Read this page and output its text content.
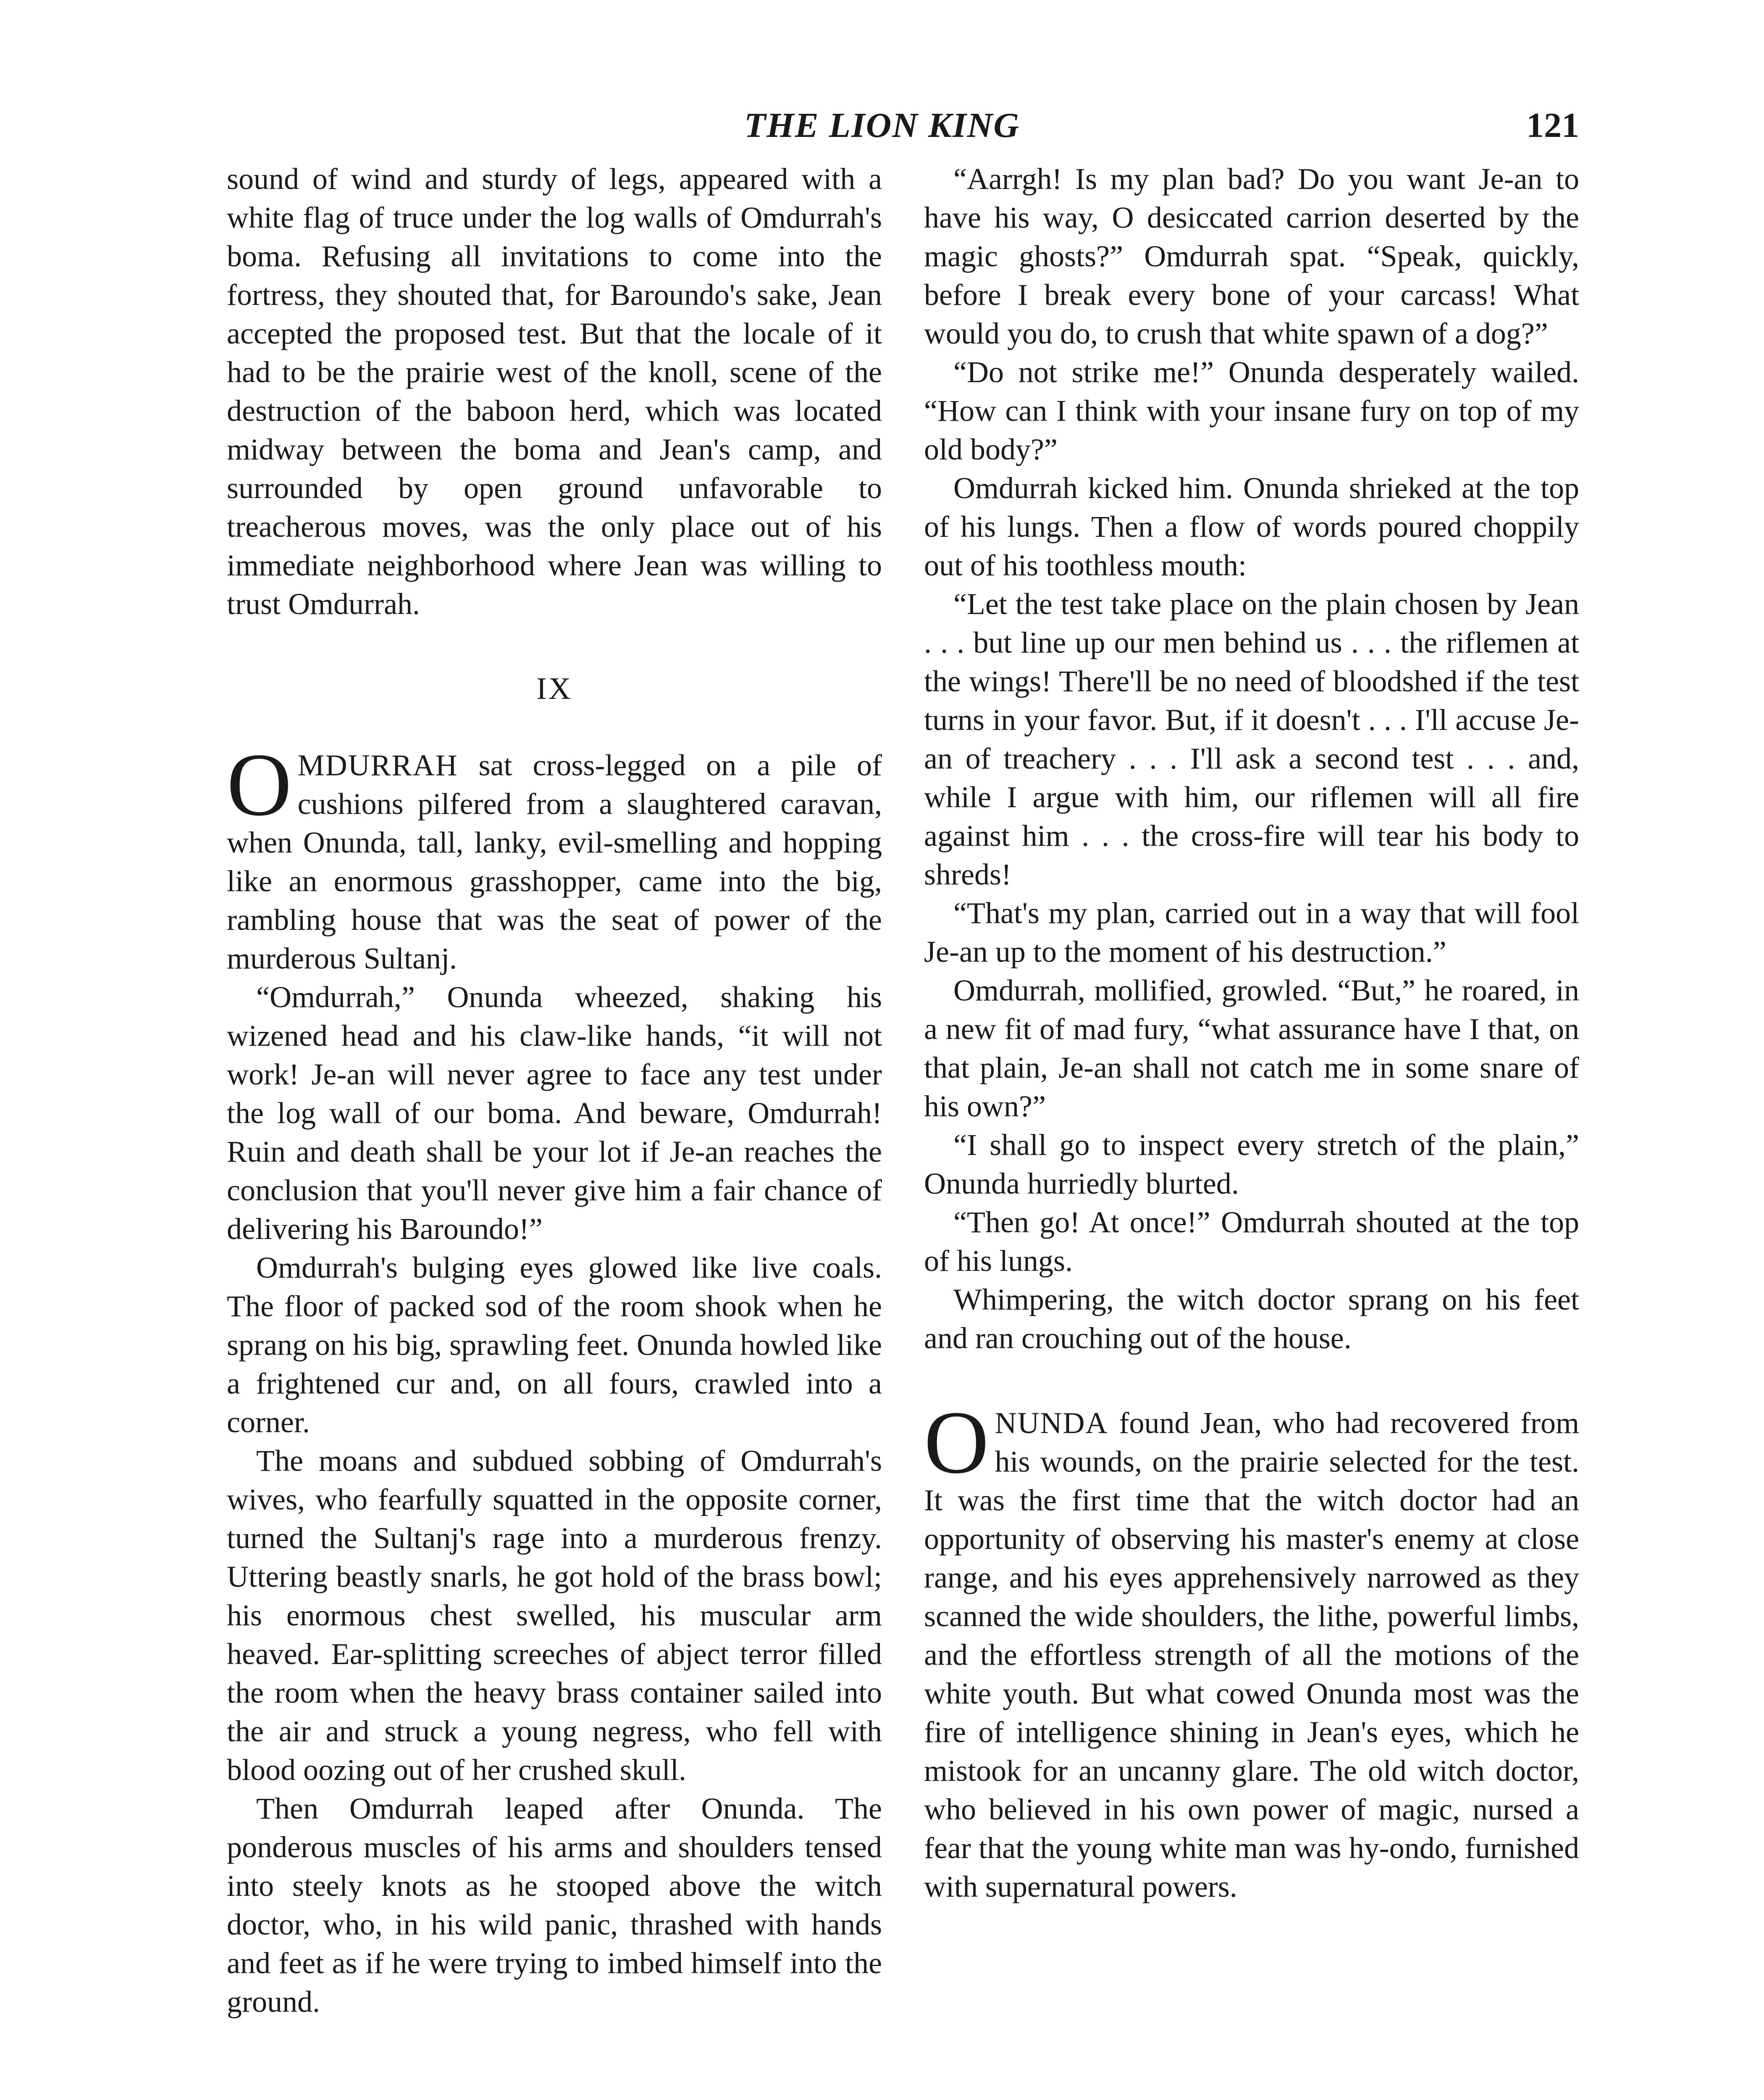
THE LION KING	121

sound of wind and sturdy of legs, appeared with a white flag of truce under the log walls of Omdurrah's boma. Refusing all invitations to come into the fortress, they shouted that, for Baroundo's sake, Jean accepted the proposed test. But that the locale of it had to be the prairie west of the knoll, scene of the destruction of the baboon herd, which was located midway between the boma and Jean's camp, and surrounded by open ground unfavorable to treacherous moves, was the only place out of his immediate neighborhood where Jean was willing to trust Omdurrah.

IX

OMDURRAH sat cross-legged on a pile of cushions pilfered from a slaughtered caravan, when Onunda, tall, lanky, evil-smelling and hopping like an enormous grasshopper, came into the big, rambling house that was the seat of power of the murderous Sultanj.

“Omdurrah,” Onunda wheezed, shaking his wizened head and his claw-like hands, “it will not work! Je-an will never agree to face any test under the log wall of our boma. And beware, Omdurrah! Ruin and death shall be your lot if Je-an reaches the conclusion that you'll never give him a fair chance of delivering his Baroundo!”

Omdurrah's bulging eyes glowed like live coals. The floor of packed sod of the room shook when he sprang on his big, sprawling feet. Onunda howled like a frightened cur and, on all fours, crawled into a corner.

The moans and subdued sobbing of Omdurrah's wives, who fearfully squatted in the opposite corner, turned the Sultanj's rage into a murderous frenzy. Uttering beastly snarls, he got hold of the brass bowl; his enormous chest swelled, his muscular arm heaved. Ear-splitting screeches of abject terror filled the room when the heavy brass container sailed into the air and struck a young negress, who fell with blood oozing out of her crushed skull.

Then Omdurrah leaped after Onunda. The ponderous muscles of his arms and shoulders tensed into steely knots as he stooped above the witch doctor, who, in his wild panic, thrashed with hands and feet as if he were trying to imbed himself into the ground.

“Aarrgh! Is my plan bad? Do you want Je-an to have his way, O desiccated carrion deserted by the magic ghosts?” Omdurrah spat. “Speak, quickly, before I break every bone of your carcass! What would you do, to crush that white spawn of a dog?”

“Do not strike me!” Onunda desperately wailed. “How can I think with your insane fury on top of my old body?”

Omdurrah kicked him. Onunda shrieked at the top of his lungs. Then a flow of words poured choppily out of his toothless mouth:

“Let the test take place on the plain chosen by Jean . . . but line up our men behind us . . . the riflemen at the wings! There'll be no need of bloodshed if the test turns in your favor. But, if it doesn't . . . I'll accuse Je-an of treachery . . . I'll ask a second test . . . and, while I argue with him, our riflemen will all fire against him . . . the cross-fire will tear his body to shreds!

“That's my plan, carried out in a way that will fool Je-an up to the moment of his destruction.”

Omdurrah, mollified, growled. “But,” he roared, in a new fit of mad fury, “what assurance have I that, on that plain, Je-an shall not catch me in some snare of his own?”

“I shall go to inspect every stretch of the plain,” Onunda hurriedly blurted.

“Then go! At once!” Omdurrah shouted at the top of his lungs.

Whimpering, the witch doctor sprang on his feet and ran crouching out of the house.

ONUNDA found Jean, who had recovered from his wounds, on the prairie selected for the test. It was the first time that the witch doctor had an opportunity of observing his master's enemy at close range, and his eyes apprehensively narrowed as they scanned the wide shoulders, the lithe, powerful limbs, and the effortless strength of all the motions of the white youth. But what cowed Onunda most was the fire of intelligence shining in Jean's eyes, which he mistook for an uncanny glare. The old witch doctor, who believed in his own power of magic, nursed a fear that the young white man was hy-ondo, furnished with supernatural powers.
